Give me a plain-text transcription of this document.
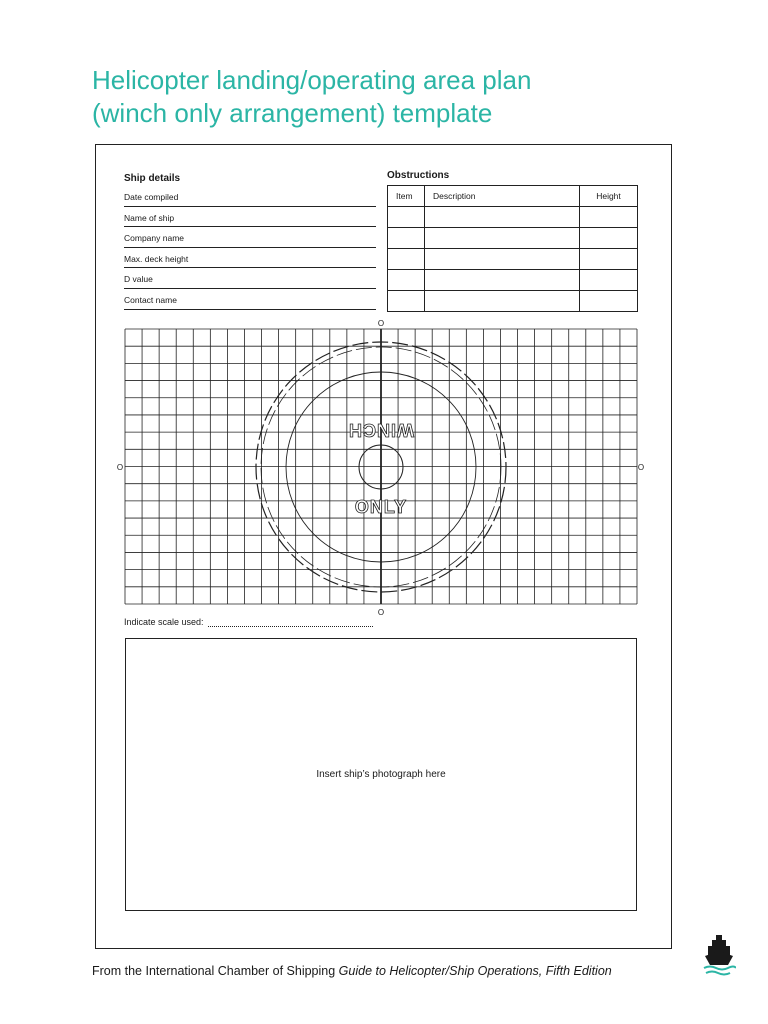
Helicopter landing/operating area plan
(winch only arrangement) template
Ship details
Date compiled
Name of ship
Company name
Max. deck height
D value
Contact name
Obstructions
Item	Description	Height

WINCH
ONLY
O
O
O	O
Indicate scale used:
Insert ship’s photograph here
From the International Chamber of Shipping Guide to Helicopter/Ship Operations, Fifth Edition
